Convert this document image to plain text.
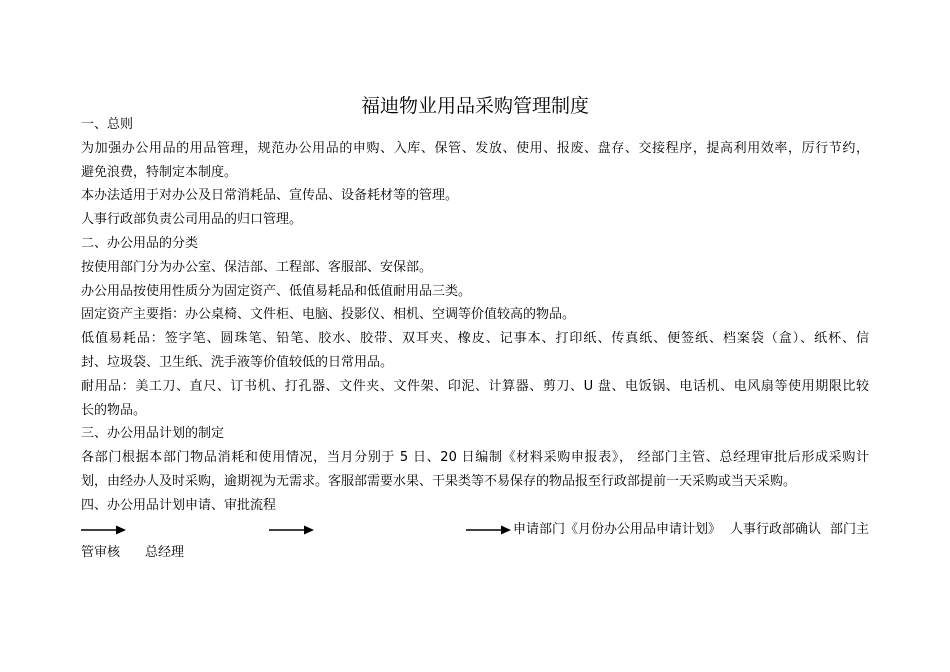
福迪物业用品采购管理制度

一、总则

为加强办公用品的用品管理，规范办公用品的申购、入库、保管、发放、使用、报废、盘存、交接程序，提高利用效率，厉行节约，

避免浪费，特制定本制度。

本办法适用于对办公及日常消耗品、宣传品、设备耗材等的管理。

人事行政部负责公司用品的归口管理。

二、办公用品的分类

按使用部门分为办公室、保洁部、工程部、客服部、安保部。

办公用品按使用性质分为固定资产、低值易耗品和低值耐用品三类。

固定资产主要指：办公桌椅、文件柜、电脑、投影仪、相机、空调等价值较高的物品。

低值易耗品：签字笔、圆珠笔、铅笔、胶水、胶带、双耳夹、橡皮、记事本、打印纸、传真纸、便签纸、档案袋（盒）、纸杯、信

封、垃圾袋、卫生纸、洗手液等价值较低的日常用品。

耐用品：美工刀、直尺、订书机、打孔器、文件夹、文件架、印泥、计算器、剪刀、U 盘、电饭锅、电话机、电风扇等使用期限比较

长的物品。

三、办公用品计划的制定

各部门根据本部门物品消耗和使用情况，当月分别于 5 日、20 日编制《材料采购申报表》， 经部门主管、总经理审批后形成采购计

划，由经办人及时采购，逾期视为无需求。客服部需要水果、干果类等不易保存的物品报至行政部提前一天采购或当天采购。

四、办公用品计划申请、审批流程

申请部门《月份办公用品申请计划》 人事行政部确认 部门主
管审核 总经理
